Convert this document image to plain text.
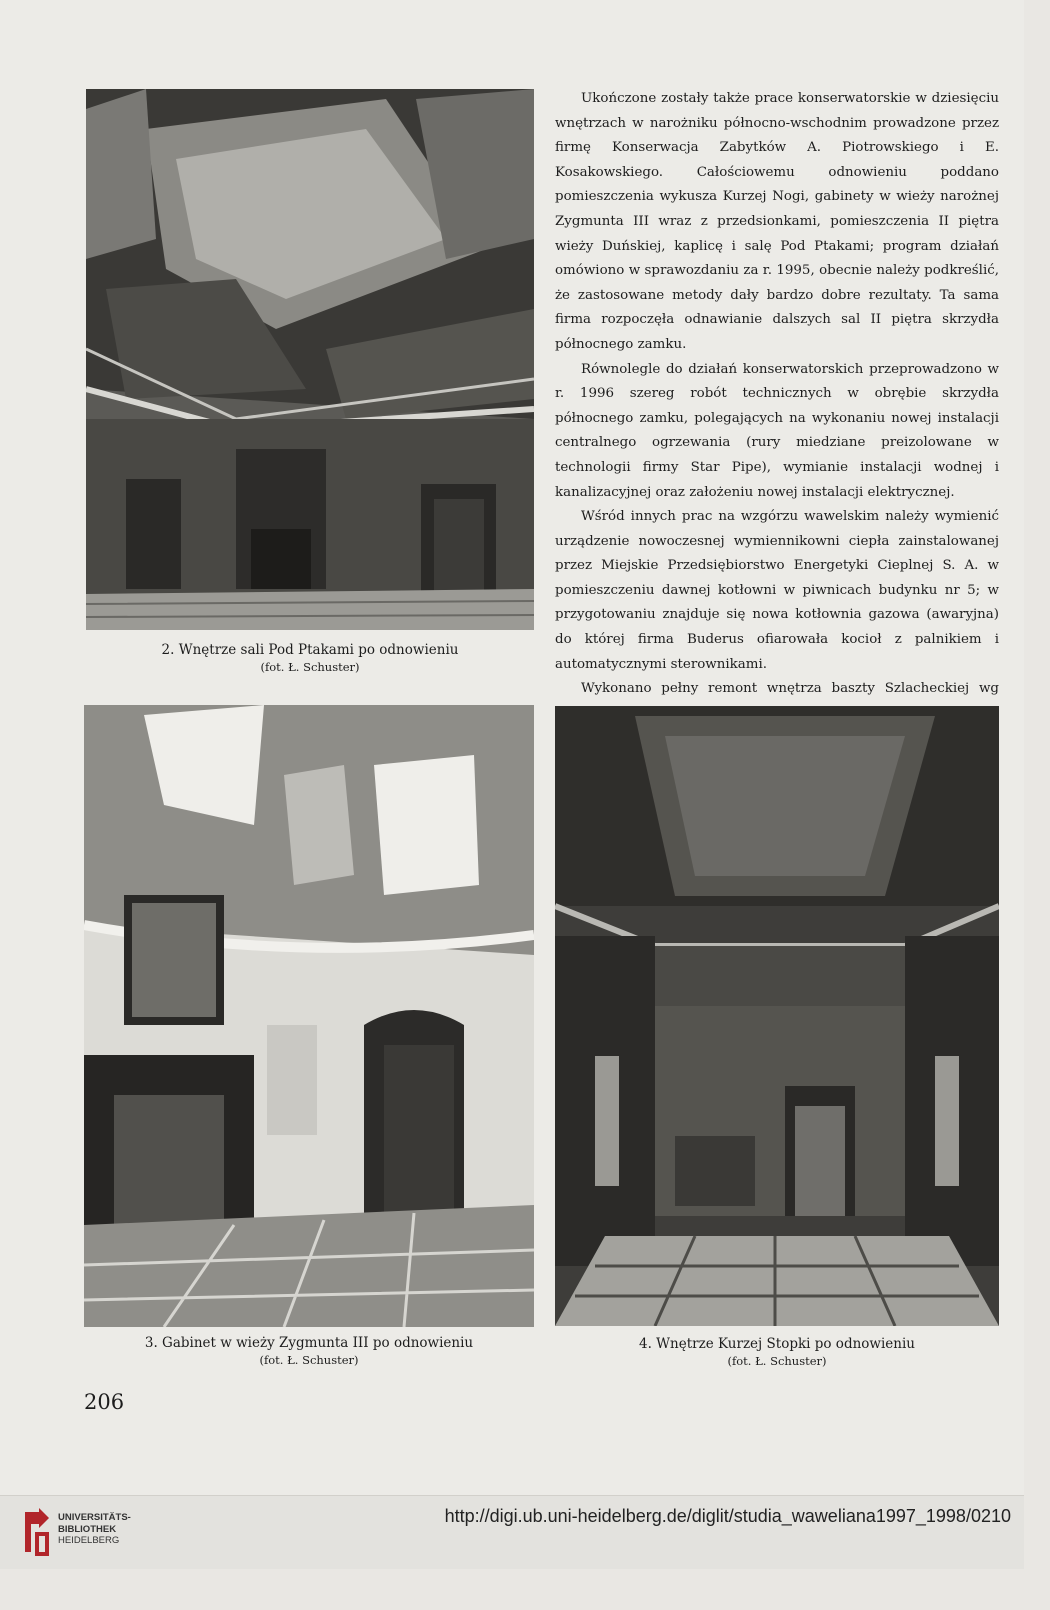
2. Wnętrze sali Pod Ptakami po odnowieniu
(fot. Ł. Schuster)

Ukończone zostały także prace konserwatorskie w dziesięciu wnętrzach w narożniku północno-wschodnim prowadzone przez firmę Konserwacja Zabytków A. Piotrowskiego i E. Kosakowskiego. Całościowemu odnowieniu poddano pomieszczenia wykusza Kurzej Nogi, gabinety w wieży narożnej Zygmunta III wraz z przedsionkami, pomieszczenia II piętra wieży Duńskiej, kaplicę i salę Pod Ptakami; program działań omówiono w sprawozdaniu za r. 1995, obecnie należy podkreślić, że zastosowane metody dały bardzo dobre rezultaty. Ta sama firma rozpoczęła odnawianie dalszych sal II piętra skrzydła północnego zamku.

Równolegle do działań konserwatorskich przeprowadzono w r. 1996 szereg robót technicznych w obrębie skrzydła północnego zamku, polegających na wykonaniu nowej instalacji centralnego ogrzewania (rury miedziane preizolowane w technologii firmy Star Pipe), wymianie instalacji wodnej i kanalizacyjnej oraz założeniu nowej instalacji elektrycznej.

Wśród innych prac na wzgórzu wawelskim należy wymienić urządzenie nowoczesnej wymiennikowni ciepła zainstalowanej przez Miejskie Przedsiębiorstwo Energetyki Cieplnej S. A. w pomieszczeniu dawnej kotłowni w piwnicach budynku nr 5; w przygotowaniu znajduje się nowa kotłownia gazowa (awaryjna) do której firma Buderus ofiarowała kocioł z palnikiem i automatycznymi sterownikami.

Wykonano pełny remont wnętrza baszty Szlacheckiej wg

3. Gabinet w wieży Zygmunta III po odnowieniu
(fot. Ł. Schuster)
4. Wnętrze Kurzej Stopki po odnowieniu
(fot. Ł. Schuster)
206
UNIVERSITÄTS-
BIBLIOTHEK
HEIDELBERG
http://digi.ub.uni-heidelberg.de/diglit/studia_waweliana1997_1998/0210
